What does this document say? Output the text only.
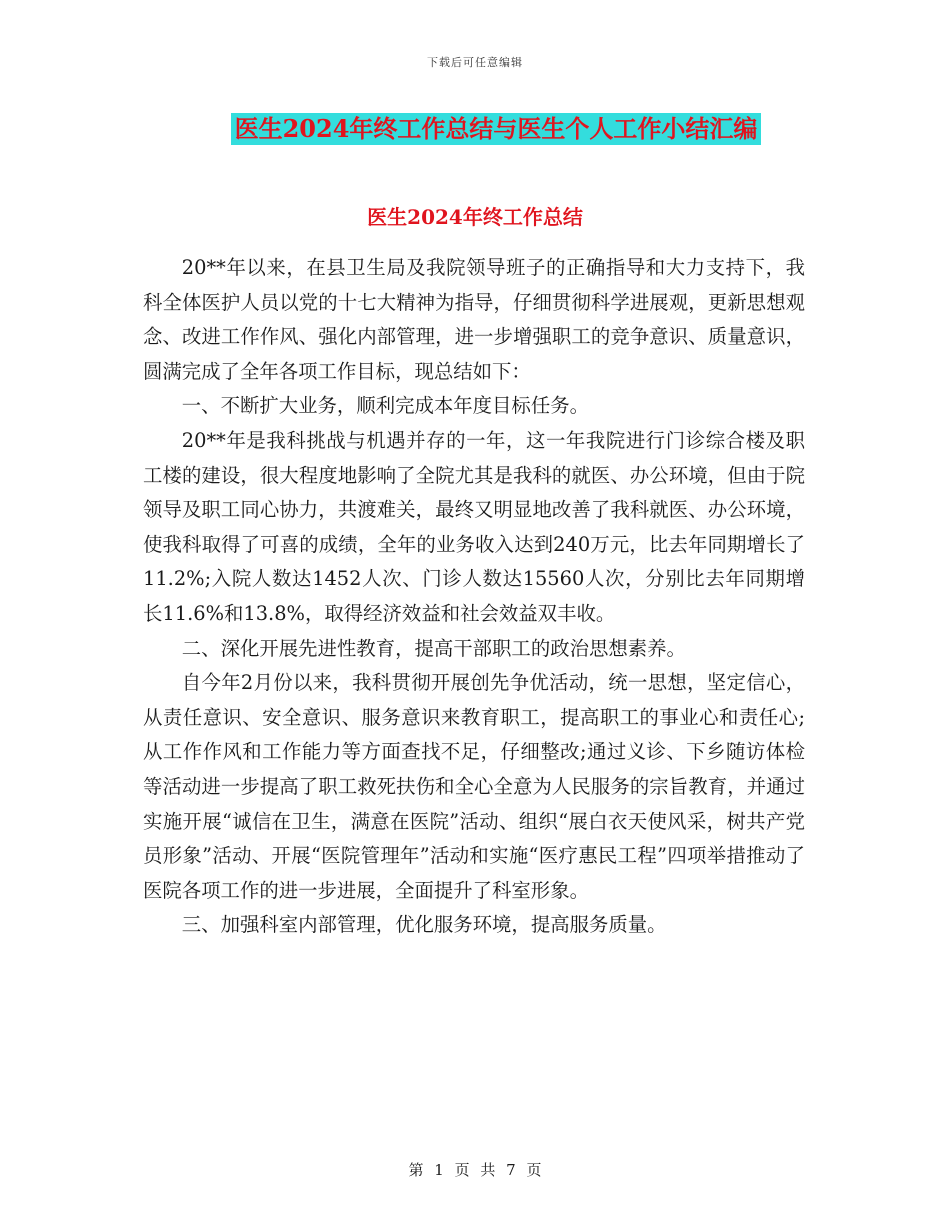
下载后可任意编辑
医生2024年终工作总结与医生个人工作小结汇编
医生2024年终工作总结

20**年以来，在县卫生局及我院领导班子的正确指导和大力支持下，我科全体医护人员以党的十七大精神为指导，仔细贯彻科学进展观，更新思想观念、改进工作作风、强化内部管理，进一步增强职工的竞争意识、质量意识，圆满完成了全年各项工作目标，现总结如下：

一、不断扩大业务，顺利完成本年度目标任务。

20**年是我科挑战与机遇并存的一年，这一年我院进行门诊综合楼及职工楼的建设，很大程度地影响了全院尤其是我科的就医、办公环境，但由于院领导及职工同心协力，共渡难关，最终又明显地改善了我科就医、办公环境，使我科取得了可喜的成绩，全年的业务收入达到240万元，比去年同期增长了11.2%;入院人数达1452人次、门诊人数达15560人次，分别比去年同期增长11.6%和13.8%，取得经济效益和社会效益双丰收。

二、深化开展先进性教育，提高干部职工的政治思想素养。

自今年2月份以来，我科贯彻开展创先争优活动，统一思想，坚定信心，从责任意识、安全意识、服务意识来教育职工，提高职工的事业心和责任心;从工作作风和工作能力等方面查找不足，仔细整改;通过义诊、下乡随访体检等活动进一步提高了职工救死扶伤和全心全意为人民服务的宗旨教育，并通过实施开展“诚信在卫生，满意在医院”活动、组织“展白衣天使风采，树共产党员形象”活动、开展“医院管理年”活动和实施“医疗惠民工程”四项举措推动了医院各项工作的进一步进展，全面提升了科室形象。

三、加强科室内部管理，优化服务环境，提高服务质量。

第 1 页 共 7 页
